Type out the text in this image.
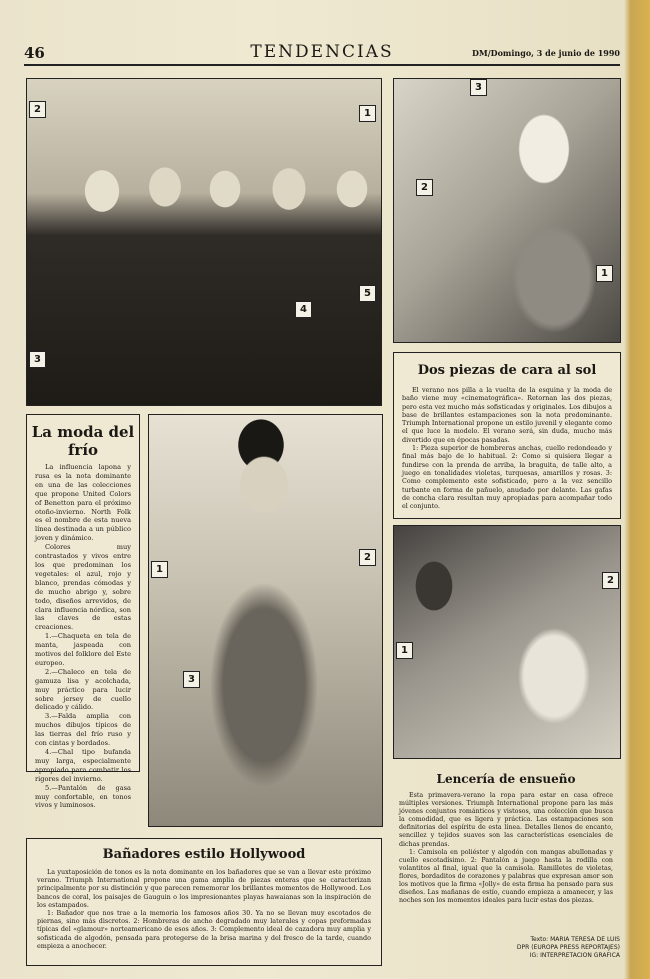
46	TENDENCIAS	DM/Domingo, 3 de junio de 1990
2	1
3
4
5
3
2
1
Dos piezas de cara al sol

El verano nos pilla a la vuelta de la esquina y la moda de baño viene muy «cinematográfica». Retornan las dos piezas, pero esta vez mucho más sofisticadas y originales. Los dibujos a base de brillantes estampaciones son la nota predominante. Triumph International propone un estilo juvenil y elegante como el que luce la modelo. El verano será, sin duda, mucho más divertido que en épocas pasadas.

1: Pieza superior de hombreras anchas, cuello redondeado y final más bajo de lo habitual. 2: Como si quisiera llegar a fundirse con la prenda de arriba, la braguita, de talle alto, a juego en tonalidades violetas, turquesas, amarillos y rosas. 3: Como complemento este sofisticado, pero a la vez sencillo turbante en forma de pañuelo, anudado por delante. Las gafas de concha clara resultan muy apropiadas para acompañar todo el conjunto.

La moda del frío

La influencia lapona y rusa es la nota dominante en una de las colecciones que propone United Colors of Benetton para el próximo otoño-invierno. North Folk es el nombre de esta nueva línea destinada a un público joven y dinámico.

Colores muy contrastados y vivos entre los que predominan los vegetales: el azul, rojo y blanco, prendas cómodas y de mucho abrigo y, sobre todo, diseños arrevidos, de clara influencia nórdica, son las claves de estas creaciones.

1.—Chaqueta en tela de manta, jaspeada con motivos del folklore del Este europeo.

2.—Chaleco en tela de gamuza lisa y acolchada, muy práctico para lucir sobre jersey de cuello delicado y cálido.

3.—Falda amplia con muchos dibujos típicos de las tierras del frío ruso y con cintas y bordados.

4.—Chal tipo bufanda muy larga, especialmente apropiado para combatir los rigores del invierno.

5.—Pantalón de gasa muy confortable, en tonos vivos y luminosos.

1
2
3
2
1
Lencería de ensueño

Esta primavera-verano la ropa para estar en casa ofrece múltiples versiones. Triumph International propone para las más jóvenes conjuntos románticos y vistosos, una colección que busca la comodidad, que es ligera y práctica. Las estampaciones son definitorias del espíritu de esta línea. Detalles llenos de encanto, sencillez y tejidos suaves son las características esenciales de dichas prendas.

1: Camisola en poliéster y algodón con mangas abullonadas y cuello escotadísimo. 2: Pantalón a juego hasta la rodilla con volantitos al final, igual que la camisola. Ramilletes de violetas, flores, bordaditos de corazones y palabras que expresan amor son los motivos que la firma «Jolly» de esta firma ha pensado para sus diseños. Las mañanas de estío, cuando empieza a amanecer, y las noches son los momentos ideales para lucir estas dos piezas.

Bañadores estilo Hollywood

La yuxtaposición de tonos es la nota dominante en los bañadores que se van a llevar este próximo verano. Triumph International propone una gama amplia de piezas enteras que se caracterizan principalmente por su distinción y que parecen rememorar los brillantes momentos de Hollywood. Los bancos de coral, los paisajes de Gauguin o los impresionantes playas hawaianas son la inspiración de los estampados.

1: Bañador que nos trae a la memoria los famosos años 30. Ya no se llevan muy escotados de piernas, sino más discretos. 2: Hombreras de ancho degradado muy laterales y copas preformadas típicas del «glamour» norteamericano de esos años. 3: Complemento ideal de cazadora muy amplia y sofisticada de algodón, pensada para protegerse de la brisa marina y del fresco de la tarde, cuando empieza a anochecer.

Texto: MARIA TERESA DE LUIS
DPR (EUROPA PRESS REPORTAJES)
IG: INTERPRETACION GRAFICA
